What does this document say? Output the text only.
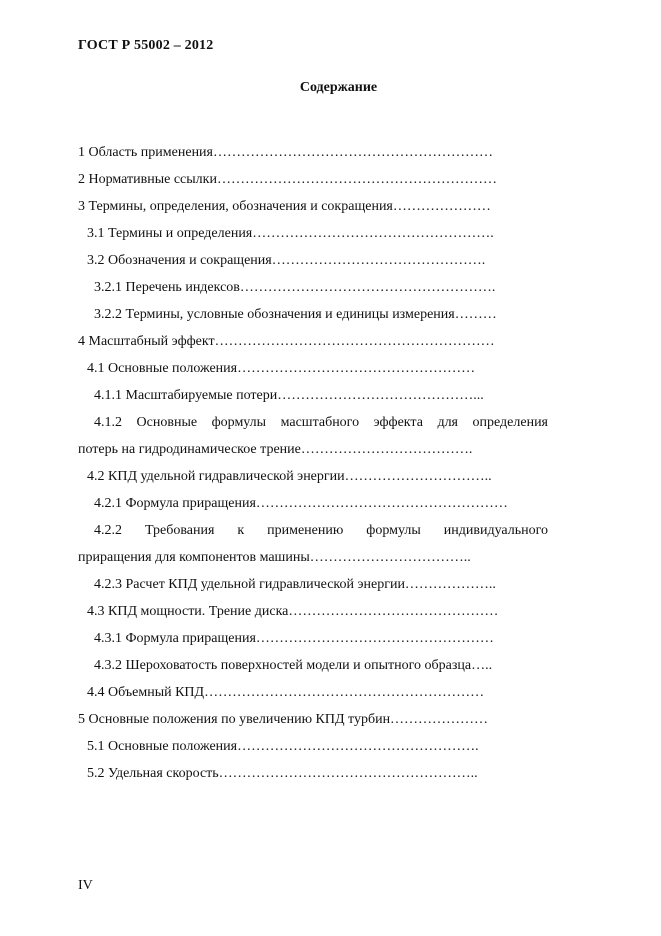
ГОСТ Р 55002 – 2012
Содержание
1 Область применения……………………………………………………
2 Нормативные ссылки……………………………………………………
3 Термины, определения, обозначения и сокращения…………………
3.1 Термины и определения…………………………………………….
3.2 Обозначения и сокращения……………………………………….
3.2.1 Перечень индексов……………………………………………….
3.2.2 Термины, условные обозначения и единицы измерения………
4 Масштабный эффект……………………………………………………
4.1 Основные положения……………………………………………
4.1.1 Масштабируемые потери……………………………………...
4.1.2 Основные формулы масштабного эффекта для определения
потерь на гидродинамическое трение……………………………….
4.2 КПД удельной гидравлической энергии…………………………..
4.2.1 Формула приращения………………………………………………
4.2.2 Требования к применению формулы индивидуального
приращения для компонентов машины……………………………..
4.2.3 Расчет КПД удельной гидравлической энергии………………..
4.3 КПД мощности. Трение диска………………………………………
4.3.1 Формула приращения……………………………………………
4.3.2 Шероховатость поверхностей модели и опытного образца…..
4.4 Объемный КПД……………………………………………………
5 Основные положения по увеличению КПД турбин…………………
5.1 Основные положения…………………………………………….
5.2 Удельная скорость………………………………………………..
IV
